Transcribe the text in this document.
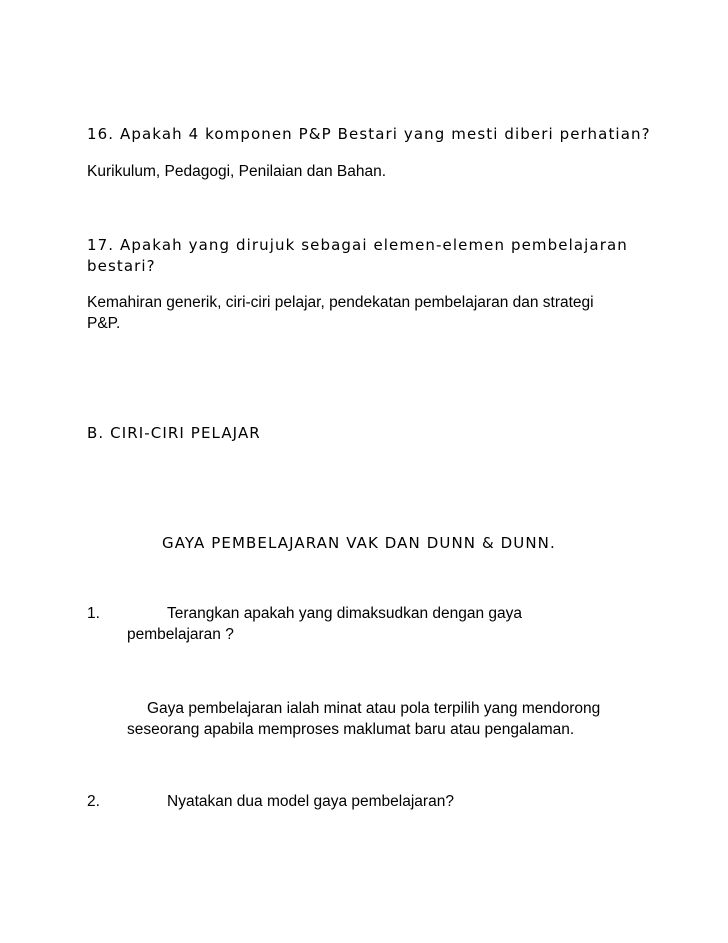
16. Apakah 4 komponen P&P Bestari yang mesti diberi perhatian?
Kurikulum, Pedagogi, Penilaian dan Bahan.
17. Apakah yang dirujuk sebagai elemen-elemen pembelajaran
bestari?
Kemahiran generik, ciri-ciri pelajar, pendekatan pembelajaran dan strategi
P&P.
B. CIRI-CIRI PELAJAR
GAYA PEMBELAJARAN VAK DAN DUNN & DUNN.
1.	Terangkan apakah yang dimaksudkan dengan gaya
pembelajaran ?
Gaya pembelajaran ialah minat atau pola terpilih yang mendorong
seseorang apabila memproses maklumat baru atau pengalaman.
2.	Nyatakan dua model gaya pembelajaran?
